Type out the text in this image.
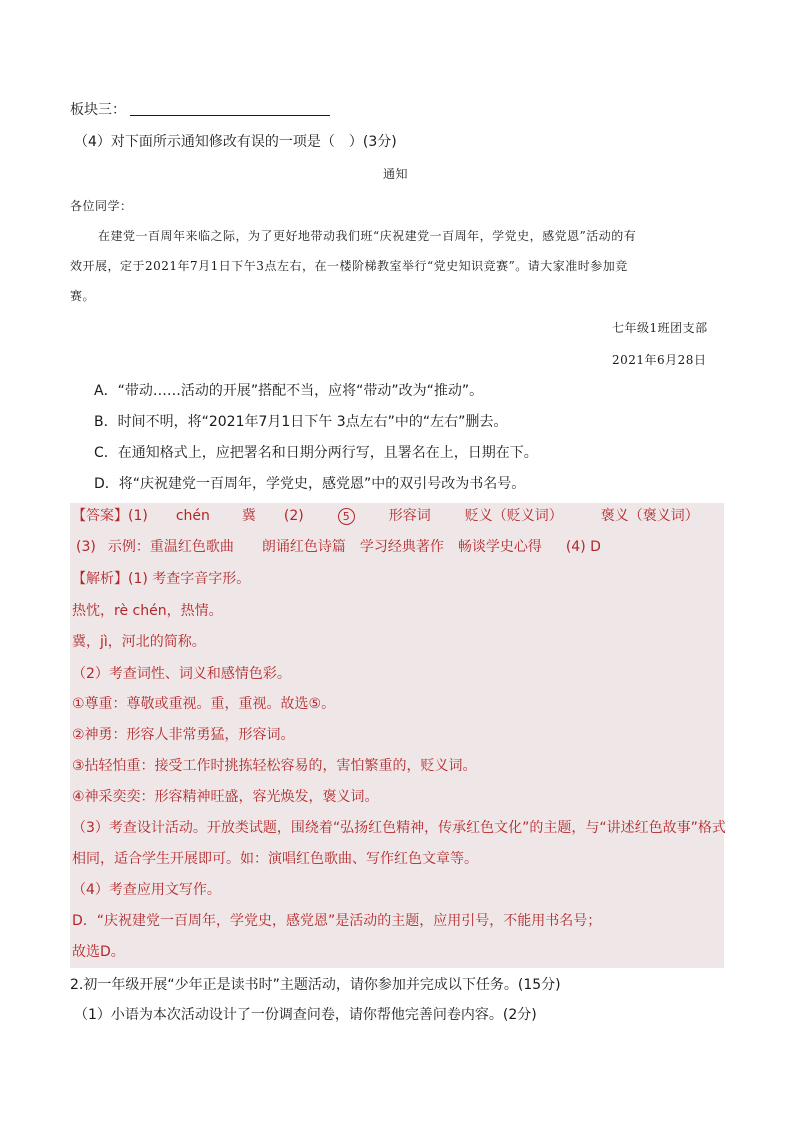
板块三：
（4）对下面所示通知修改有误的一项是（　）(3分)
通知
各位同学：
在建党一百周年来临之际，为了更好地带动我们班“庆祝建党一百周年，学党史，感党恩”活动的有
效开展，定于2021年7月1日下午3点左右，在一楼阶梯教室举行“党史知识竞赛”。请大家准时参加竞
赛。
七年级1班团支部
2021年6月28日
A．“带动……活动的开展”搭配不当，应将“带动”改为“推动”。
B．时间不明，将“2021年7月1日下午 3点左右”中的“左右”删去。
C．在通知格式上，应把署名和日期分两行写，且署名在上，日期在下。
D．将“庆祝建党一百周年，学党史，感党恩”中的双引号改为书名号。
【答案】(1) chén 冀 (2)	5	形容词 贬义（贬义词）	褒义（褒义词）
(3) 示例：重温红色歌曲 朗诵红色诗篇 学习经典著作 畅谈学史心得 (4) D
【解析】(1) 考查字音字形。
热忱，rè chén，热情。
冀，jì，河北的简称。
（2）考查词性、词义和感情色彩。
①尊重：尊敬或重视。重，重视。故选⑤。
②神勇：形容人非常勇猛，形容词。
③拈轻怕重：接受工作时挑拣轻松容易的，害怕繁重的，贬义词。
④神采奕奕：形容精神旺盛，容光焕发，褒义词。
（3）考查设计活动。开放类试题，围绕着“弘扬红色精神，传承红色文化”的主题，与“讲述红色故事”格式
相同，适合学生开展即可。如：演唱红色歌曲、写作红色文章等。
（4）考查应用文写作。
D．“庆祝建党一百周年，学党史，感党恩”是活动的主题，应用引号，不能用书名号；
故选D。
2.初一年级开展“少年正是读书时”主题活动，请你参加并完成以下任务。(15分)
（1）小语为本次活动设计了一份调查问卷，请你帮他完善问卷内容。(2分)
